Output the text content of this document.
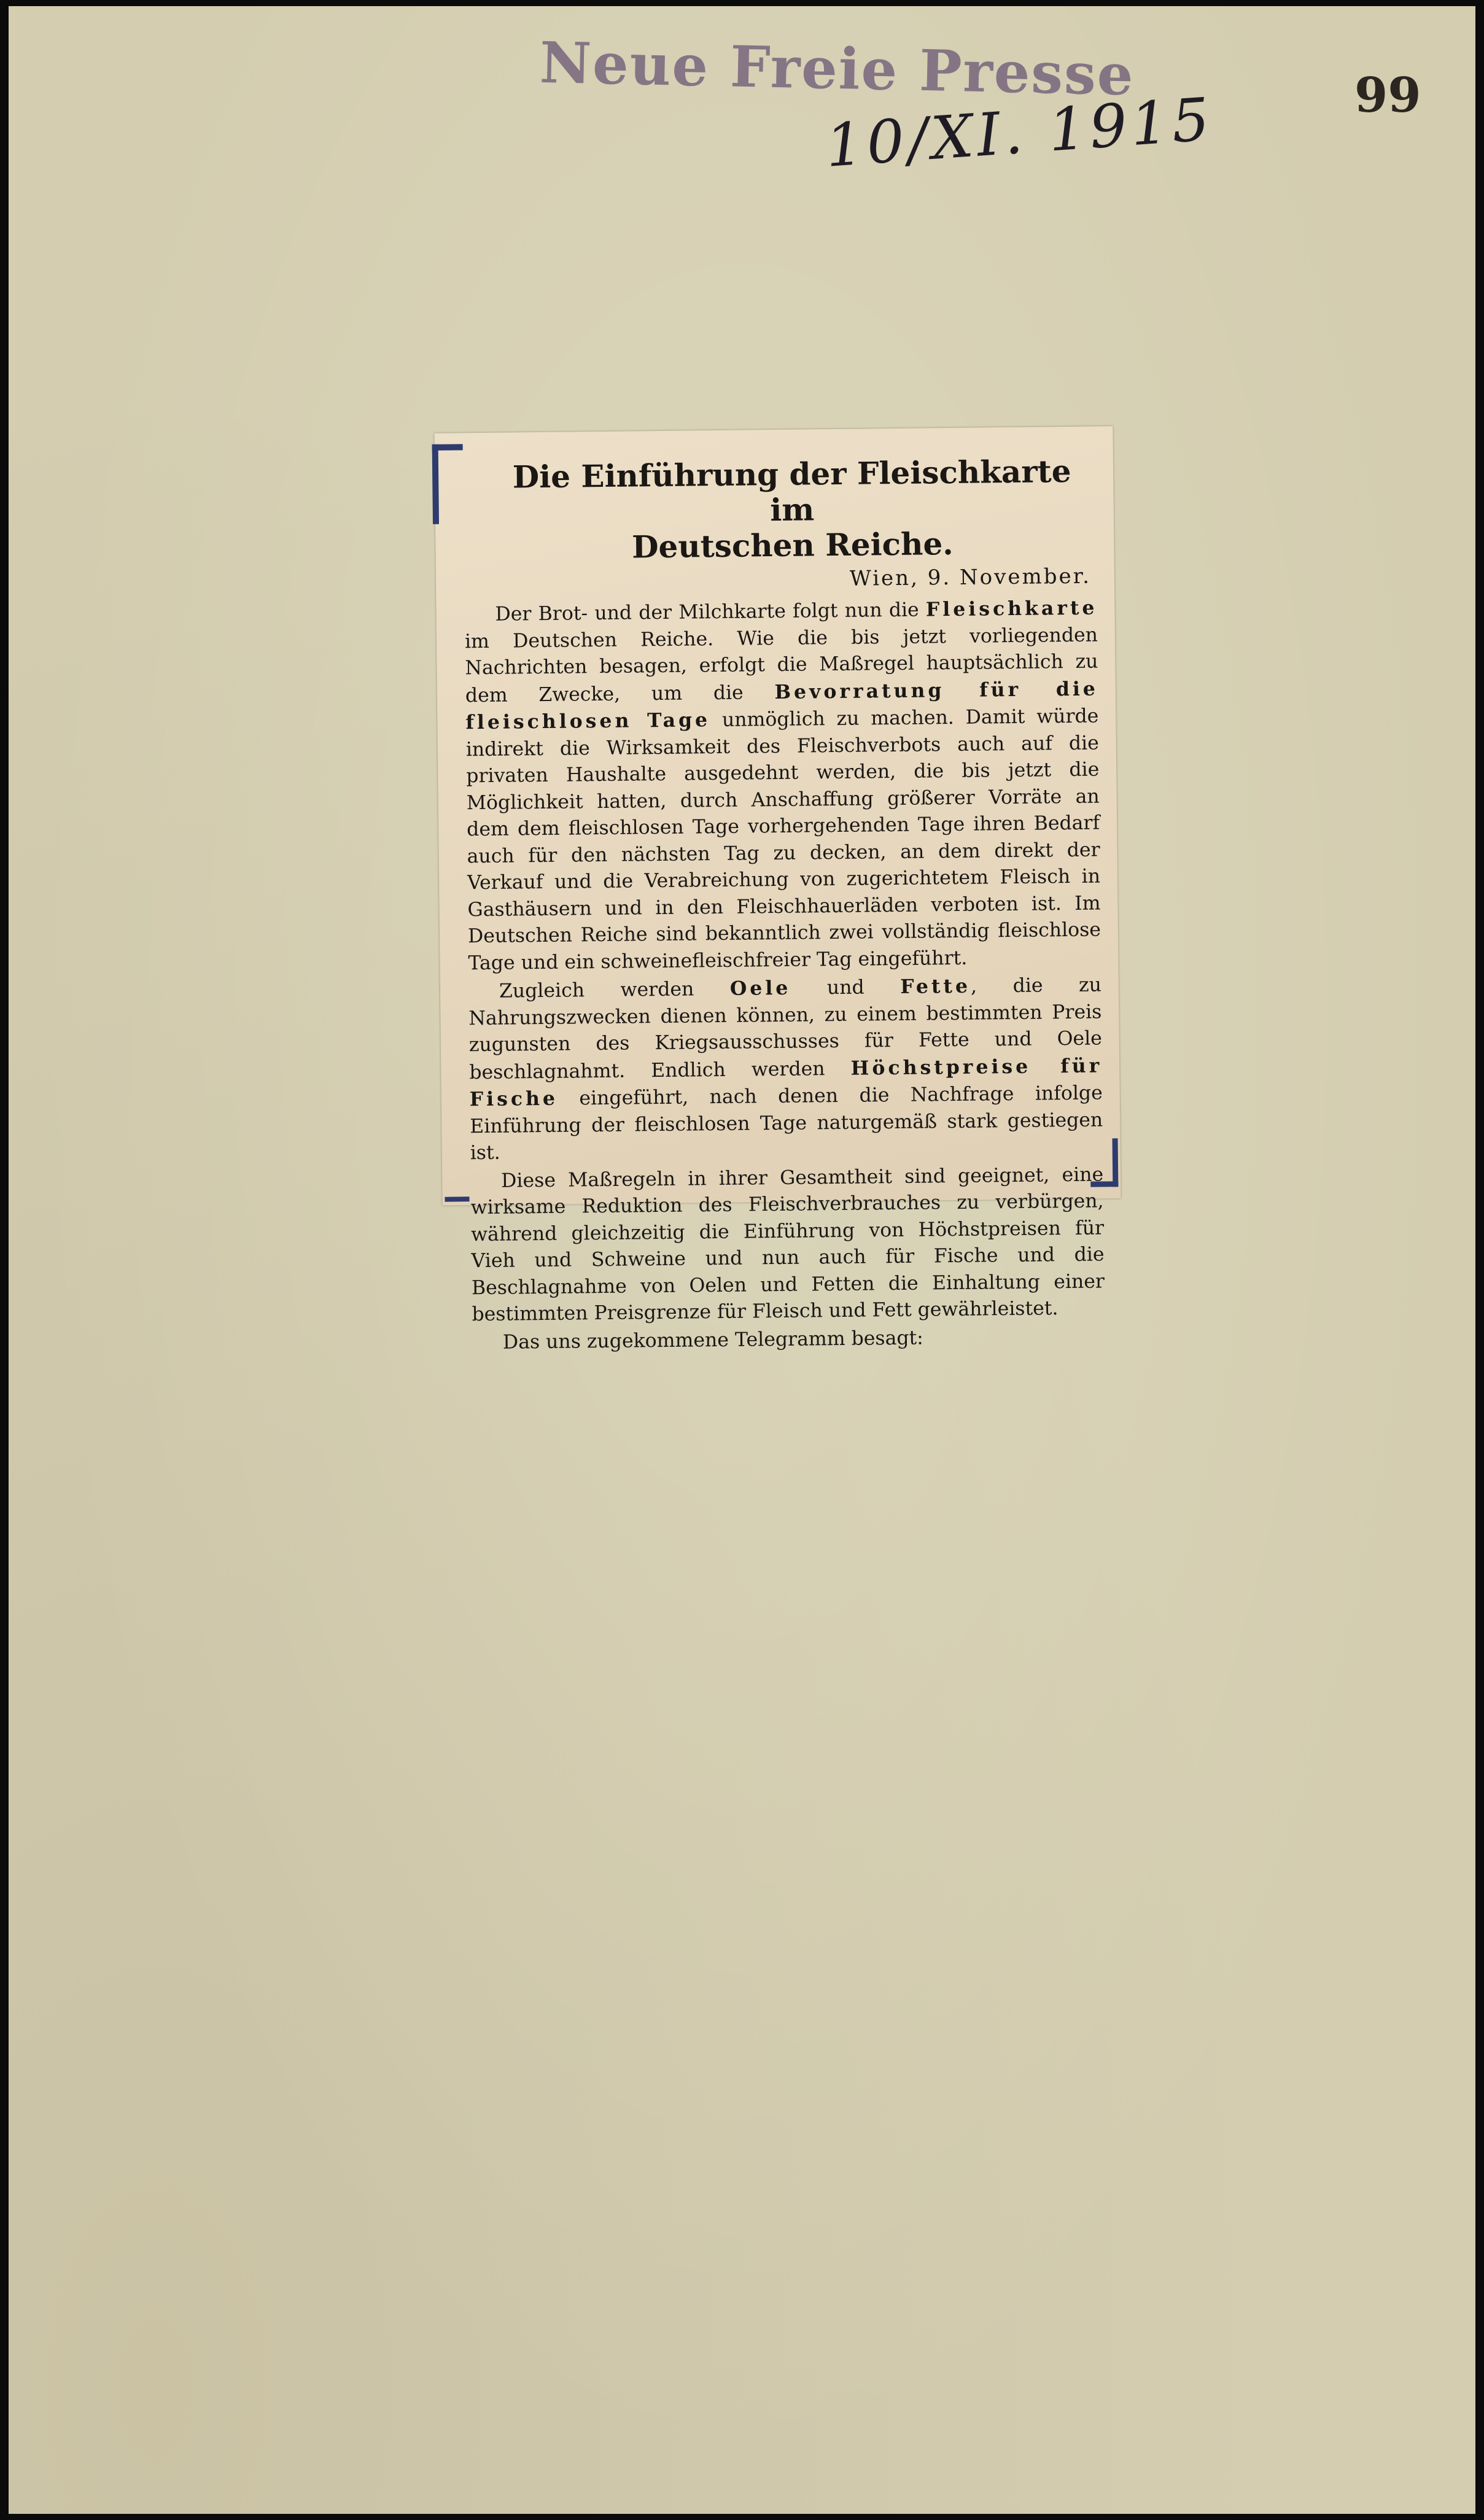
Neue Freie Presse	99
10/XI. 1915
Die Einführung der Fleischkarte im
Deutschen Reiche.
Wien, 9. November.

Der Brot- und der Milchkarte folgt nun die Fleischkarte im Deutschen Reiche. Wie die bis jetzt vorliegenden Nachrichten besagen, erfolgt die Maßregel hauptsächlich zu dem Zwecke, um die Bevorratung für die fleischlosen Tage unmöglich zu machen. Damit würde indirekt die Wirksamkeit des Fleischverbots auch auf die privaten Haushalte ausgedehnt werden, die bis jetzt die Möglichkeit hatten, durch Anschaffung größerer Vorräte an dem dem fleischlosen Tage vorhergehenden Tage ihren Bedarf auch für den nächsten Tag zu decken, an dem direkt der Verkauf und die Verabreichung von zugerichtetem Fleisch in Gasthäusern und in den Fleischhauerläden verboten ist. Im Deutschen Reiche sind bekanntlich zwei vollständig fleischlose Tage und ein schweinefleischfreier Tag eingeführt.

Zugleich werden Oele und Fette, die zu Nahrungszwecken dienen können, zu einem bestimmten Preis zugunsten des Kriegsausschusses für Fette und Oele beschlagnahmt. Endlich werden Höchstpreise für Fische eingeführt, nach denen die Nachfrage infolge Einführung der fleischlosen Tage naturgemäß stark gestiegen ist.

Diese Maßregeln in ihrer Gesamtheit sind geeignet, eine wirksame Reduktion des Fleischverbrauches zu verbürgen, während gleichzeitig die Einführung von Höchstpreisen für Vieh und Schweine und nun auch für Fische und die Beschlagnahme von Oelen und Fetten die Einhaltung einer bestimmten Preisgrenze für Fleisch und Fett gewährleistet.

Das uns zugekommene Telegramm besagt:
